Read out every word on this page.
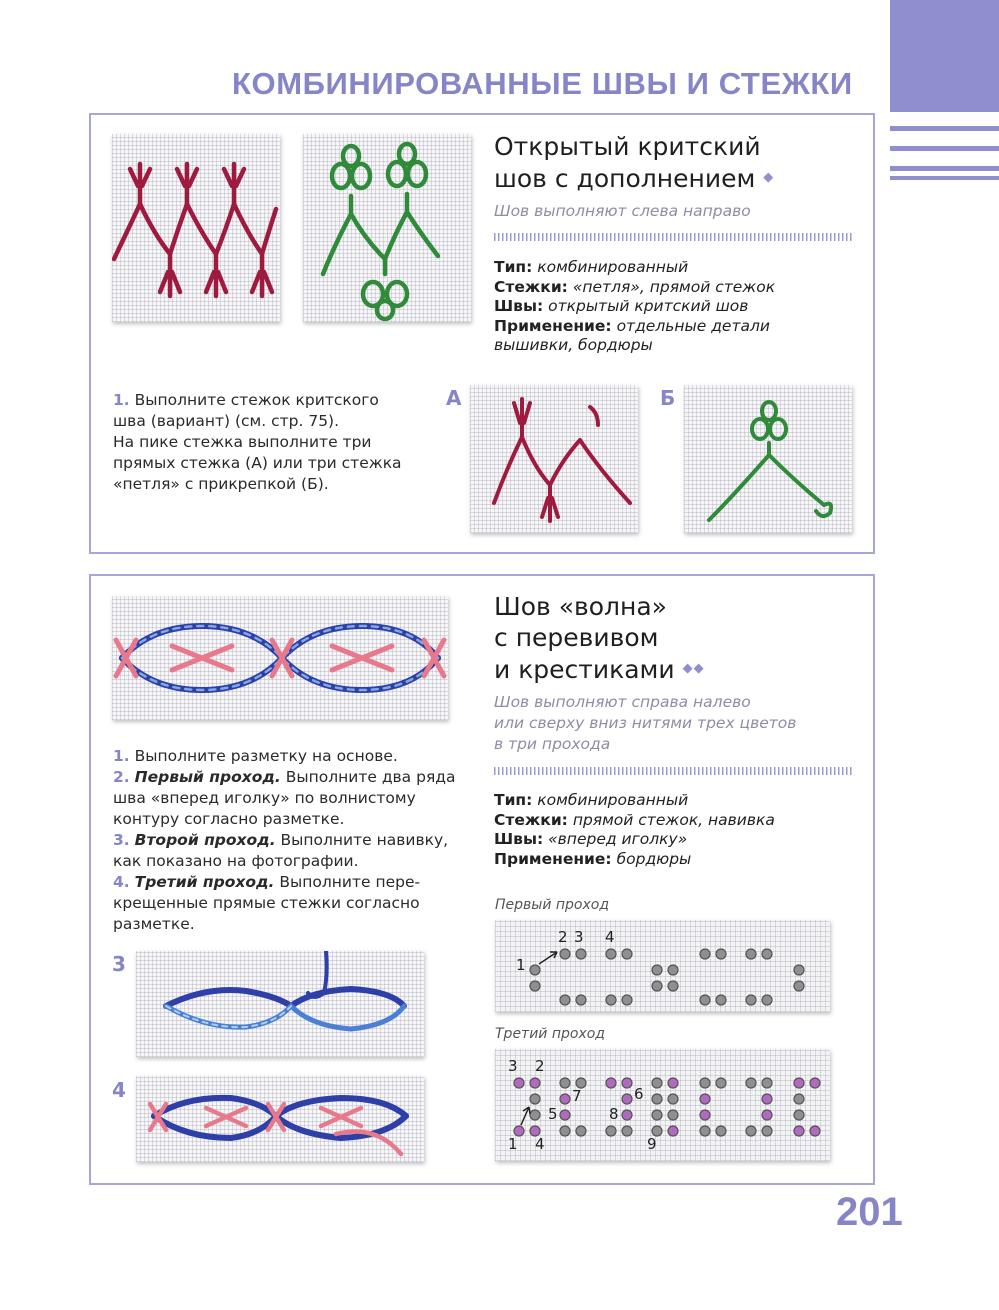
КОМБИНИРОВАННЫЕ ШВЫ И СТЕЖКИ
Открытый критский
шов с дополнением ◆
Шов выполняют слева направо
Тип: комбинированный
Стежки: «петля», прямой стежок
Швы: открытый критский шов
Применение: отдельные детали
вышивки, бордюры
1. Выполните стежок критского
шва (вариант) (см. стр. 75).
На пике стежка выполните три
прямых стежка (А) или три стежка
«петля» с прикрепкой (Б).
А	Б
Шов «волна»
с перевивом
и крестиками ◆◆
Шов выполняют справа налево
или сверху вниз нитями трех цветов
в три прохода
Тип: комбинированный
Стежки: прямой стежок, навивка
Швы: «вперед иголку»
Применение: бордюры
1. Выполните разметку на основе.
2. Первый проход. Выполните два ряда
шва «вперед иголку» по волнистому
контуру согласно разметке.
3. Второй проход. Выполните навивку,
как показано на фотографии.
4. Третий проход. Выполните пере-
крещенные прямые стежки согласно
разметке.
3
4
Первый проход
1
2 3 4
Третий проход
3 2
7	6
5	8
1 4	9
201
